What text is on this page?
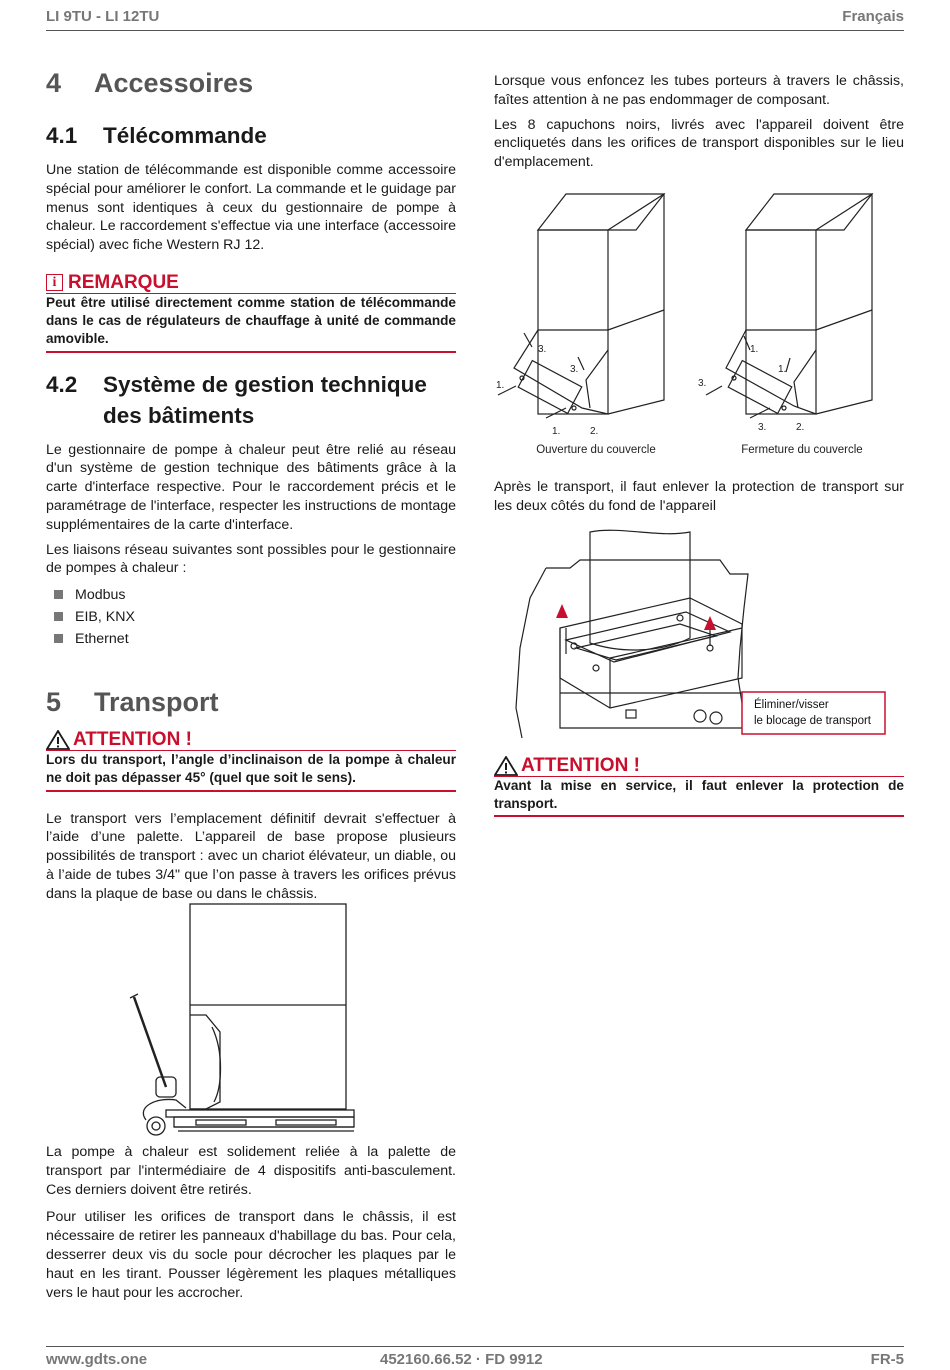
LI 9TU - LI 12TU	Français
4 Accessoires
4.1 Télécommande

Une station de télécommande est disponible comme accessoire spécial pour améliorer le confort. La commande et le guidage par menus sont identiques à ceux du gestionnaire de pompe à chaleur. Le raccordement s'effectue via une interface (accessoire spécial) avec fiche Western RJ 12.

i REMARQUE
Peut être utilisé directement comme station de télécommande dans le cas de régulateurs de chauffage à unité de commande amovible.
4.2 Système de gestion technique
des bâtiments

Le gestionnaire de pompe à chaleur peut être relié au réseau d'un système de gestion technique des bâtiments grâce à la carte d'interface respective. Pour le raccordement précis et le paramétrage de l'interface, respecter les instructions de montage supplémentaires de la carte d'interface.

Les liaisons réseau suivantes sont possibles pour le gestionnaire de pompes à chaleur :

Modbus
EIB, KNX
Ethernet
5 Transport
ATTENTION !
Lors du transport, l’angle d’inclinaison de la pompe à chaleur ne doit pas dépasser 45° (quel que soit le sens).

Le transport vers l’emplacement définitif devrait s'effectuer à l’aide d’une palette. L’appareil de base propose plusieurs possibilités de transport : avec un chariot élévateur, un diable, ou à l’aide de tubes 3/4" que l’on passe à travers les orifices prévus dans la plaque de base ou dans le châssis.

La pompe à chaleur est solidement reliée à la palette de transport par l'intermédiaire de 4 dispositifs anti-basculement. Ces derniers doivent être retirés.

Pour utiliser les orifices de transport dans le châssis, il est nécessaire de retirer les panneaux d'habillage du bas. Pour cela, desserrer deux vis du socle pour décrocher les plaques par le haut en les tirant. Pousser légèrement les plaques métalliques vers le haut pour les accrocher.

Lorsque vous enfoncez les tubes porteurs à travers le châssis, faîtes attention à ne pas endommager de composant.

Les 8 capuchons noirs, livrés avec l'appareil doivent être encliquetés dans les orifices de transport disponibles sur le lieu d'emplacement.

3.
3.
1.
1.	2.
1.
1.
3.
3.	2.
Ouverture du couvercle	Fermeture du couvercle

Après le transport, il faut enlever la protection de transport sur les deux côtés du fond de l'appareil

Éliminer/visser
le blocage de transport
ATTENTION !
Avant la mise en service, il faut enlever la protection de transport.
www.gdts.one	452160.66.52 · FD 9912	FR-5
